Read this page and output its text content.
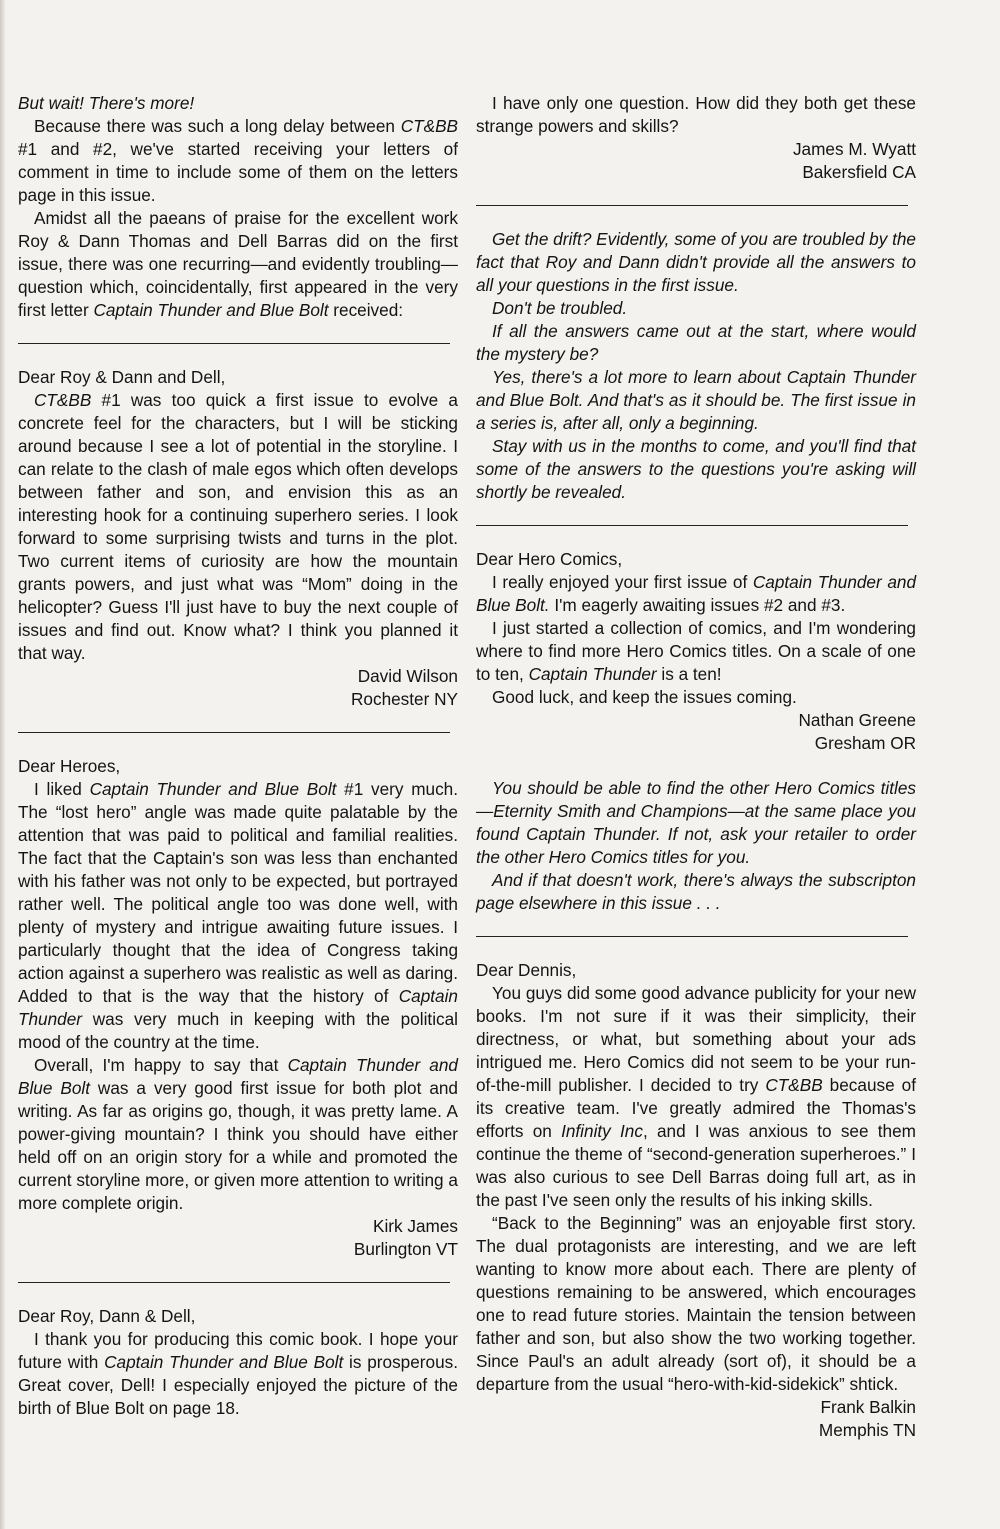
But wait! There's more!

Because there was such a long delay between CT&BB #1 and #2, we've started receiving your letters of comment in time to include some of them on the letters page in this issue.

Amidst all the paeans of praise for the excellent work Roy & Dann Thomas and Dell Barras did on the first issue, there was one recurring—and evidently troubling—question which, coincidentally, first appeared in the very first letter Captain Thunder and Blue Bolt received:

Dear Roy & Dann and Dell,

CT&BB #1 was too quick a first issue to evolve a concrete feel for the characters, but I will be sticking around because I see a lot of potential in the storyline. I can relate to the clash of male egos which often develops between father and son, and envision this as an interesting hook for a continuing superhero series. I look forward to some surprising twists and turns in the plot. Two current items of curiosity are how the mountain grants powers, and just what was “Mom” doing in the helicopter? Guess I'll just have to buy the next couple of issues and find out. Know what? I think you planned it that way.

David Wilson
Rochester NY

Dear Heroes,

I liked Captain Thunder and Blue Bolt #1 very much. The “lost hero” angle was made quite palatable by the attention that was paid to political and familial realities. The fact that the Captain's son was less than enchanted with his father was not only to be expected, but portrayed rather well. The political angle too was done well, with plenty of mystery and intrigue awaiting future issues. I particularly thought that the idea of Congress taking action against a superhero was realistic as well as daring. Added to that is the way that the history of Captain Thunder was very much in keeping with the political mood of the country at the time.

Overall, I'm happy to say that Captain Thunder and Blue Bolt was a very good first issue for both plot and writing. As far as origins go, though, it was pretty lame. A power-giving mountain? I think you should have either held off on an origin story for a while and promoted the current storyline more, or given more attention to writing a more complete origin.

Kirk James
Burlington VT

Dear Roy, Dann & Dell,

I thank you for producing this comic book. I hope your future with Captain Thunder and Blue Bolt is prosperous. Great cover, Dell! I especially enjoyed the picture of the birth of Blue Bolt on page 18.

I have only one question. How did they both get these strange powers and skills?

James M. Wyatt
Bakersfield CA

Get the drift? Evidently, some of you are troubled by the fact that Roy and Dann didn't provide all the answers to all your questions in the first issue.

Don't be troubled.

If all the answers came out at the start, where would the mystery be?

Yes, there's a lot more to learn about Captain Thunder and Blue Bolt. And that's as it should be. The first issue in a series is, after all, only a beginning.

Stay with us in the months to come, and you'll find that some of the answers to the questions you're asking will shortly be revealed.

Dear Hero Comics,

I really enjoyed your first issue of Captain Thunder and Blue Bolt. I'm eagerly awaiting issues #2 and #3.

I just started a collection of comics, and I'm wondering where to find more Hero Comics titles. On a scale of one to ten, Captain Thunder is a ten!

Good luck, and keep the issues coming.

Nathan Greene
Gresham OR

You should be able to find the other Hero Comics titles—Eternity Smith and Champions—at the same place you found Captain Thunder. If not, ask your retailer to order the other Hero Comics titles for you.

And if that doesn't work, there's always the subscripton page elsewhere in this issue . . .

Dear Dennis,

You guys did some good advance publicity for your new books. I'm not sure if it was their simplicity, their directness, or what, but something about your ads intrigued me. Hero Comics did not seem to be your run-of-the-mill publisher. I decided to try CT&BB because of its creative team. I've greatly admired the Thomas's efforts on Infinity Inc, and I was anxious to see them continue the theme of “second-generation superheroes.” I was also curious to see Dell Barras doing full art, as in the past I've seen only the results of his inking skills.

“Back to the Beginning” was an enjoyable first story. The dual protagonists are interesting, and we are left wanting to know more about each. There are plenty of questions remaining to be answered, which encourages one to read future stories. Maintain the tension between father and son, but also show the two working together. Since Paul's an adult already (sort of), it should be a departure from the usual “hero-with-kid-sidekick” shtick.

Frank Balkin
Memphis TN
